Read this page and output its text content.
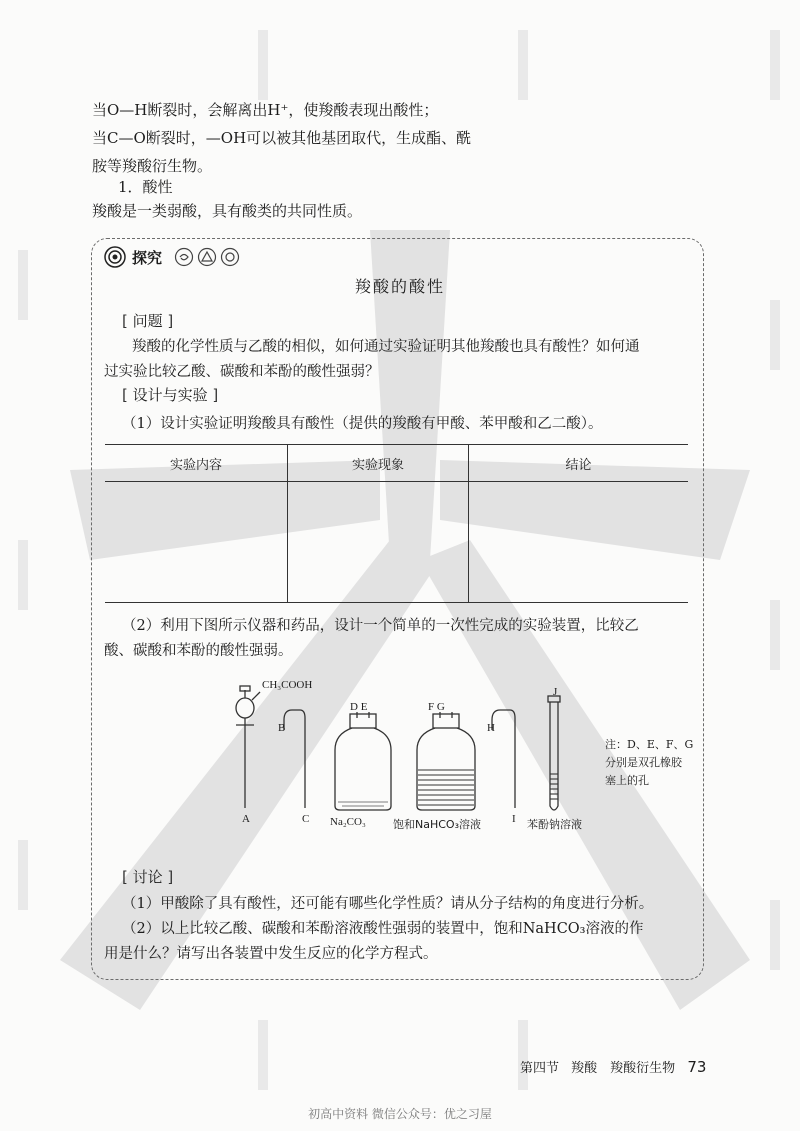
当O—H断裂时，会解离出H⁺，使羧酸表现出酸性；
当C—O断裂时，—OH可以被其他基团取代，生成酯、酰
胺等羧酸衍生物。
1．酸性
羧酸是一类弱酸，具有酸类的共同性质。
探究
羧酸的酸性
[ 问题 ]
羧酸的化学性质与乙酸的相似，如何通过实验证明其他羧酸也具有酸性？如何通
过实验比较乙酸、碳酸和苯酚的酸性强弱？
[ 设计与实验 ]
（1）设计实验证明羧酸具有酸性（提供的羧酸有甲酸、苯甲酸和乙二酸）。
实验内容	实验现象	结论

（2）利用下图所示仪器和药品，设计一个简单的一次性完成的实验装置，比较乙
酸、碳酸和苯酚的酸性强弱。
CH₃COOH
A
B
C
D E	F G
H
I
J
Na₂CO₃ 饱和NaHCO₃溶液	苯酚钠溶液
注：D、E、F、G
分别是双孔橡胶
塞上的孔
[ 讨论 ]
（1）甲酸除了具有酸性，还可能有哪些化学性质？请从分子结构的角度进行分析。
（2）以上比较乙酸、碳酸和苯酚溶液酸性强弱的装置中，饱和NaHCO₃溶液的作
用是什么？请写出各装置中发生反应的化学方程式。
第四节 羧酸　羧酸衍生物 73
初高中资料 微信公众号：优之习屋
